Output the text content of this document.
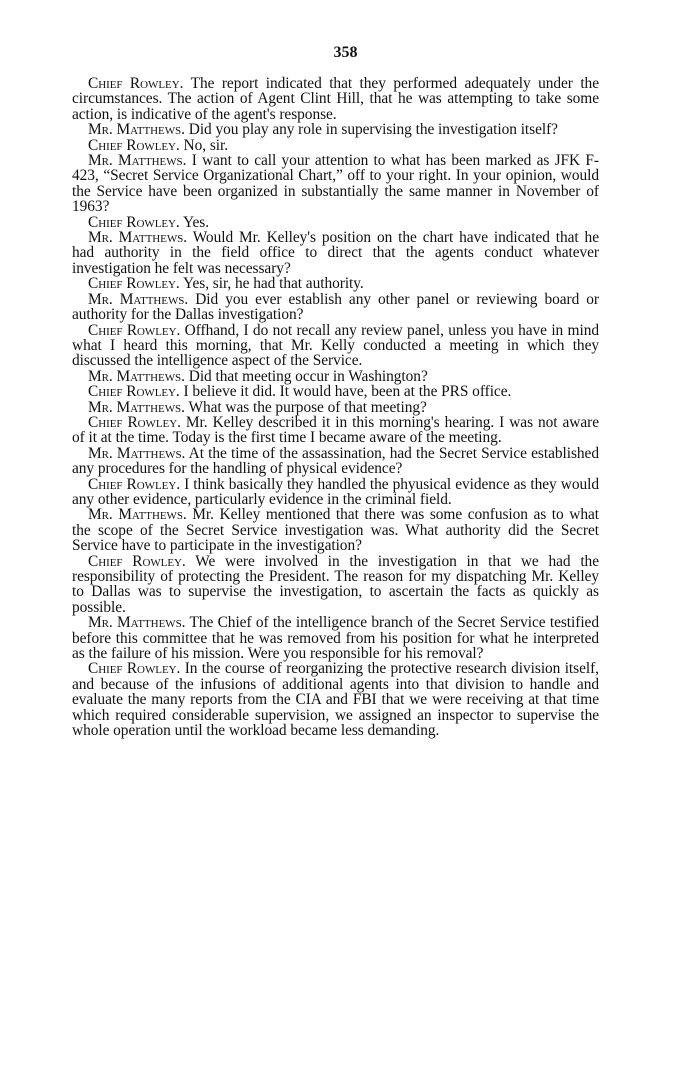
358

Chief Rowley. The report indicated that they performed adequately under the circumstances. The action of Agent Clint Hill, that he was attempting to take some action, is indicative of the agent's response.

Mr. Matthews. Did you play any role in supervising the investigation itself?

Chief Rowley. No, sir.

Mr. Matthews. I want to call your attention to what has been marked as JFK F-423, “Secret Service Organizational Chart,” off to your right. In your opinion, would the Service have been organized in substantially the same manner in November of 1963?

Chief Rowley. Yes.

Mr. Matthews. Would Mr. Kelley's position on the chart have indicated that he had authority in the field office to direct that the agents conduct whatever investigation he felt was necessary?

Chief Rowley. Yes, sir, he had that authority.

Mr. Matthews. Did you ever establish any other panel or reviewing board or authority for the Dallas investigation?

Chief Rowley. Offhand, I do not recall any review panel, unless you have in mind what I heard this morning, that Mr. Kelly conducted a meeting in which they discussed the intelligence aspect of the Service.

Mr. Matthews. Did that meeting occur in Washington?

Chief Rowley. I believe it did. It would have, been at the PRS office.

Mr. Matthews. What was the purpose of that meeting?

Chief Rowley. Mr. Kelley described it in this morning's hearing. I was not aware of it at the time. Today is the first time I became aware of the meeting.

Mr. Matthews. At the time of the assassination, had the Secret Service established any procedures for the handling of physical evidence?

Chief Rowley. I think basically they handled the phyusical evidence as they would any other evidence, particularly evidence in the criminal field.

Mr. Matthews. Mr. Kelley mentioned that there was some confusion as to what the scope of the Secret Service investigation was. What authority did the Secret Service have to participate in the investigation?

Chief Rowley. We were involved in the investigation in that we had the responsibility of protecting the President. The reason for my dispatching Mr. Kelley to Dallas was to supervise the investigation, to ascertain the facts as quickly as possible.

Mr. Matthews. The Chief of the intelligence branch of the Secret Service testified before this committee that he was removed from his position for what he interpreted as the failure of his mission. Were you responsible for his removal?

Chief Rowley. In the course of reorganizing the protective research division itself, and because of the infusions of additional agents into that division to handle and evaluate the many reports from the CIA and FBI that we were receiving at that time which required considerable supervision, we assigned an inspector to supervise the whole operation until the workload became less demanding.
